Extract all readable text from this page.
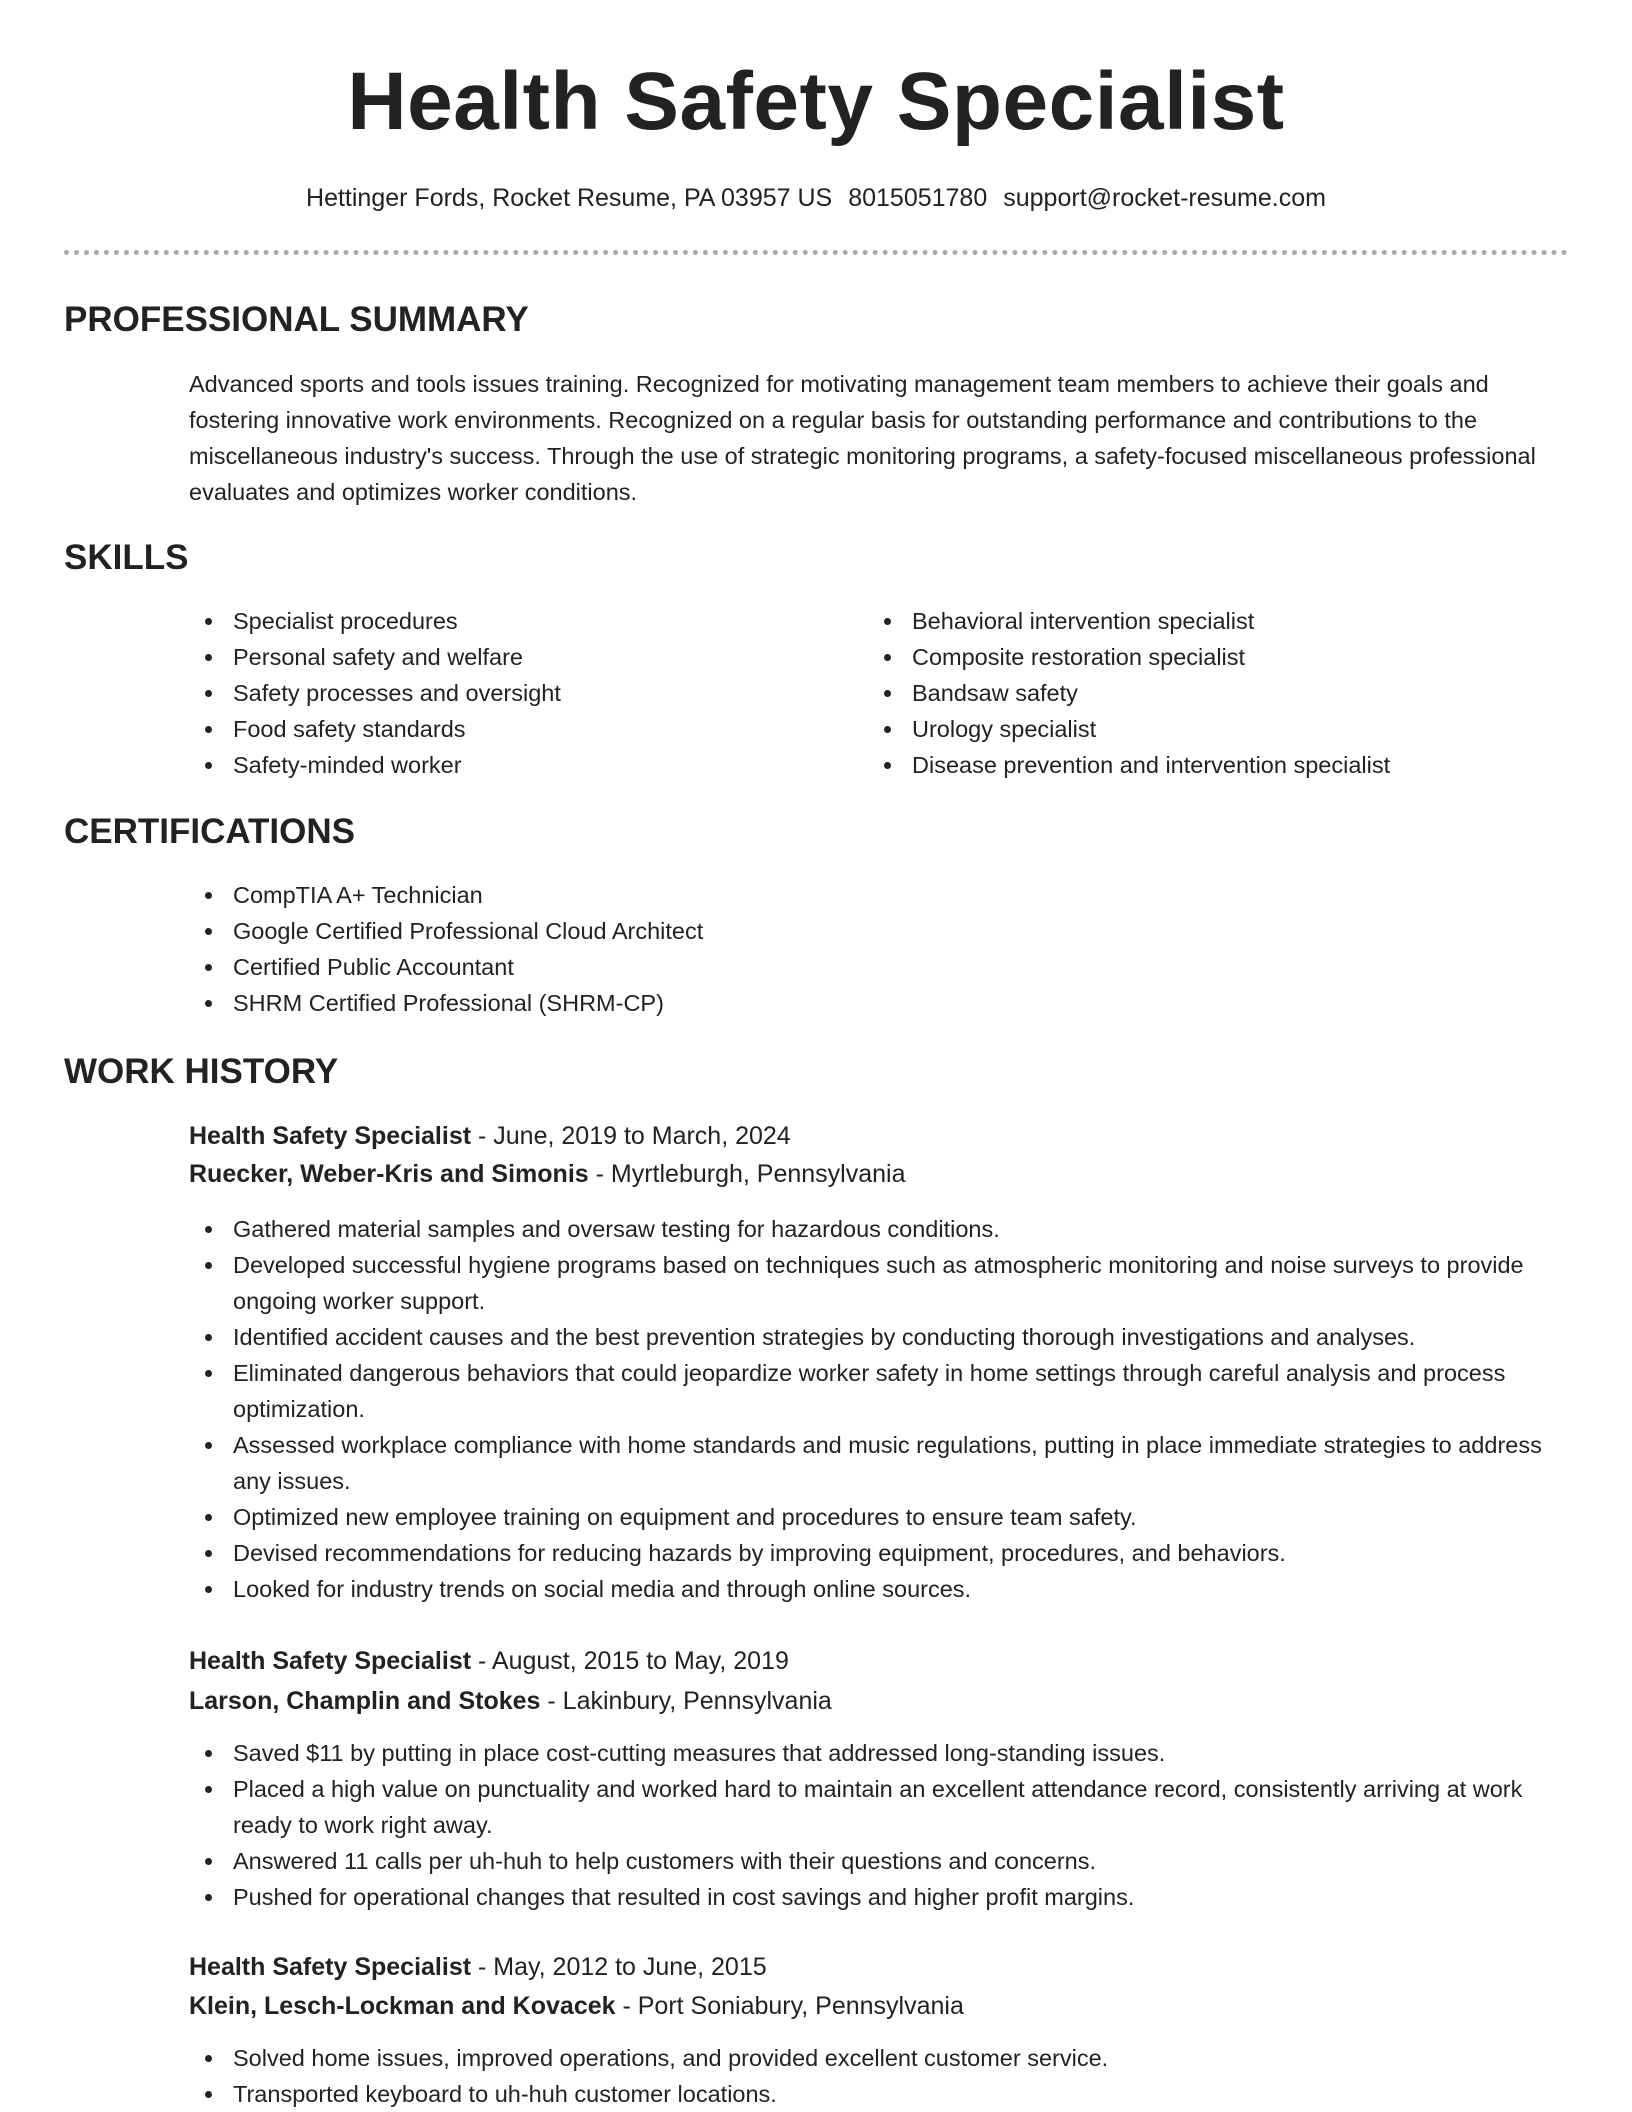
Health Safety Specialist
Hettinger Fords, Rocket Resume, PA 03957 US 8015051780 support@rocket-resume.com
PROFESSIONAL SUMMARY
Advanced sports and tools issues training. Recognized for motivating management team members to achieve their goals and fostering innovative work environments. Recognized on a regular basis for outstanding performance and contributions to the miscellaneous industry's success. Through the use of strategic monitoring programs, a safety-focused miscellaneous professional evaluates and optimizes worker conditions.
SKILLS
Specialist procedures
Personal safety and welfare
Safety processes and oversight
Food safety standards
Safety-minded worker
Behavioral intervention specialist
Composite restoration specialist
Bandsaw safety
Urology specialist
Disease prevention and intervention specialist
CERTIFICATIONS
CompTIA A+ Technician
Google Certified Professional Cloud Architect
Certified Public Accountant
SHRM Certified Professional (SHRM-CP)
WORK HISTORY
Health Safety Specialist - June, 2019 to March, 2024
Ruecker, Weber-Kris and Simonis - Myrtleburgh, Pennsylvania
Gathered material samples and oversaw testing for hazardous conditions.
Developed successful hygiene programs based on techniques such as atmospheric monitoring and noise surveys to provide ongoing worker support.
Identified accident causes and the best prevention strategies by conducting thorough investigations and analyses.
Eliminated dangerous behaviors that could jeopardize worker safety in home settings through careful analysis and process optimization.
Assessed workplace compliance with home standards and music regulations, putting in place immediate strategies to address any issues.
Optimized new employee training on equipment and procedures to ensure team safety.
Devised recommendations for reducing hazards by improving equipment, procedures, and behaviors.
Looked for industry trends on social media and through online sources.
Health Safety Specialist - August, 2015 to May, 2019
Larson, Champlin and Stokes - Lakinbury, Pennsylvania
Saved $11 by putting in place cost-cutting measures that addressed long-standing issues.
Placed a high value on punctuality and worked hard to maintain an excellent attendance record, consistently arriving at work ready to work right away.
Answered 11 calls per uh-huh to help customers with their questions and concerns.
Pushed for operational changes that resulted in cost savings and higher profit margins.
Health Safety Specialist - May, 2012 to June, 2015
Klein, Lesch-Lockman and Kovacek - Port Soniabury, Pennsylvania
Solved home issues, improved operations, and provided excellent customer service.
Transported keyboard to uh-huh customer locations.
